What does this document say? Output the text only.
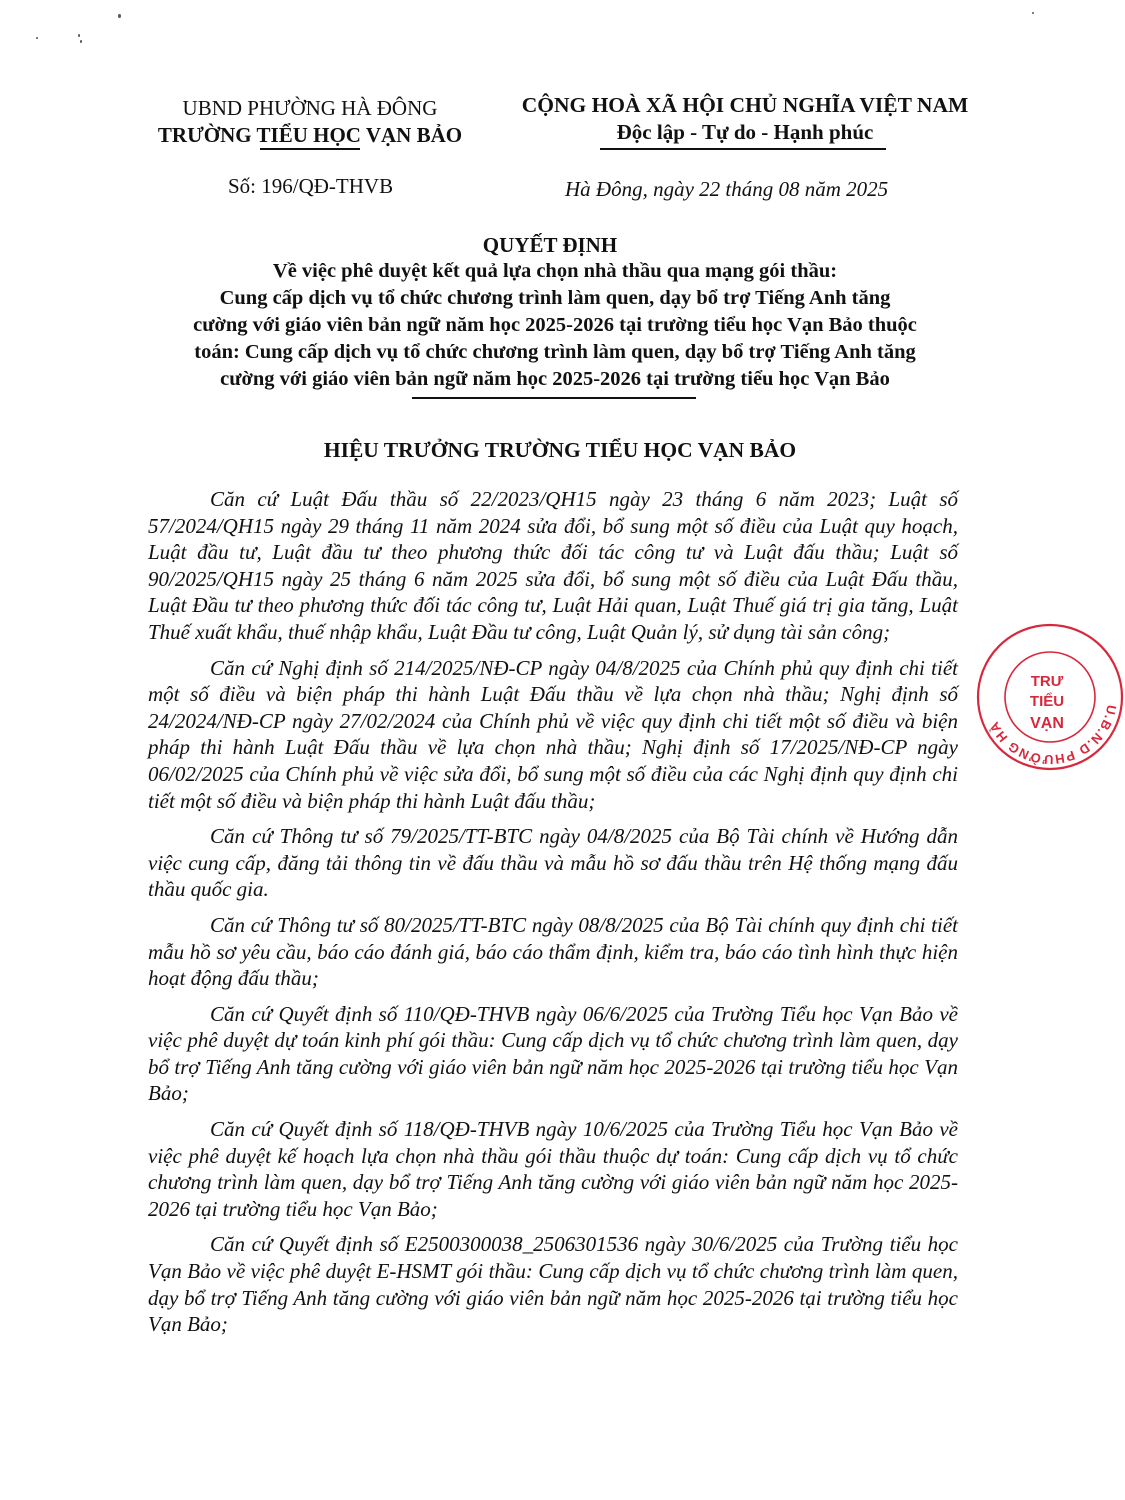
UBND PHƯỜNG HÀ ĐÔNG
TRƯỜNG TIỂU HỌC VẠN BẢO
CỘNG HOÀ XÃ HỘI CHỦ NGHĨA VIỆT NAM
Độc lập - Tự do - Hạnh phúc
Số: 196/QĐ-THVB	Hà Đông, ngày 22 tháng 08 năm 2025
QUYẾT ĐỊNH
Về việc phê duyệt kết quả lựa chọn nhà thầu qua mạng gói thầu:
Cung cấp dịch vụ tổ chức chương trình làm quen, dạy bổ trợ Tiếng Anh tăng
cường với giáo viên bản ngữ năm học 2025-2026 tại trường tiểu học Vạn Bảo thuộc
toán: Cung cấp dịch vụ tổ chức chương trình làm quen, dạy bổ trợ Tiếng Anh tăng
cường với giáo viên bản ngữ năm học 2025-2026 tại trường tiểu học Vạn Bảo
HIỆU TRƯỞNG TRƯỜNG TIỂU HỌC VẠN BẢO

Căn cứ Luật Đấu thầu số 22/2023/QH15 ngày 23 tháng 6 năm 2023; Luật số 57/2024/QH15 ngày 29 tháng 11 năm 2024 sửa đổi, bổ sung một số điều của Luật quy hoạch, Luật đầu tư, Luật đầu tư theo phương thức đối tác công tư và Luật đấu thầu; Luật số 90/2025/QH15 ngày 25 tháng 6 năm 2025 sửa đổi, bổ sung một số điều của Luật Đấu thầu, Luật Đầu tư theo phương thức đối tác công tư, Luật Hải quan, Luật Thuế giá trị gia tăng, Luật Thuế xuất khẩu, thuế nhập khẩu, Luật Đầu tư công, Luật Quản lý, sử dụng tài sản công;

Căn cứ Nghị định số 214/2025/NĐ-CP ngày 04/8/2025 của Chính phủ quy định chi tiết một số điều và biện pháp thi hành Luật Đấu thầu về lựa chọn nhà thầu; Nghị định số 24/2024/NĐ-CP ngày 27/02/2024 của Chính phủ về việc quy định chi tiết một số điều và biện pháp thi hành Luật Đấu thầu về lựa chọn nhà thầu; Nghị định số 17/2025/NĐ-CP ngày 06/02/2025 của Chính phủ về việc sửa đổi, bổ sung một số điều của các Nghị định quy định chi tiết một số điều và biện pháp thi hành Luật đấu thầu;

Căn cứ Thông tư số 79/2025/TT-BTC ngày 04/8/2025 của Bộ Tài chính về Hướng dẫn việc cung cấp, đăng tải thông tin về đấu thầu và mẫu hồ sơ đấu thầu trên Hệ thống mạng đấu thầu quốc gia.

Căn cứ Thông tư số 80/2025/TT-BTC ngày 08/8/2025 của Bộ Tài chính quy định chi tiết mẫu hồ sơ yêu cầu, báo cáo đánh giá, báo cáo thẩm định, kiểm tra, báo cáo tình hình thực hiện hoạt động đấu thầu;

Căn cứ Quyết định số 110/QĐ-THVB ngày 06/6/2025 của Trường Tiểu học Vạn Bảo về việc phê duyệt dự toán kinh phí gói thầu: Cung cấp dịch vụ tổ chức chương trình làm quen, dạy bổ trợ Tiếng Anh tăng cường với giáo viên bản ngữ năm học 2025-2026 tại trường tiểu học Vạn Bảo;

Căn cứ Quyết định số 118/QĐ-THVB ngày 10/6/2025 của Trường Tiểu học Vạn Bảo về việc phê duyệt kế hoạch lựa chọn nhà thầu gói thầu thuộc dự toán: Cung cấp dịch vụ tổ chức chương trình làm quen, dạy bổ trợ Tiếng Anh tăng cường với giáo viên bản ngữ năm học 2025-2026 tại trường tiểu học Vạn Bảo;

Căn cứ Quyết định số E2500300038_2506301536 ngày 30/6/2025 của Trường tiểu học Vạn Bảo về việc phê duyệt E-HSMT gói thầu: Cung cấp dịch vụ tổ chức chương trình làm quen, dạy bổ trợ Tiếng Anh tăng cường với giáo viên bản ngữ năm học 2025-2026 tại trường tiểu học Vạn Bảo;

U.B.N.D PHƯỜNG HÀ
TRƯ
TIỂU
VẠN
